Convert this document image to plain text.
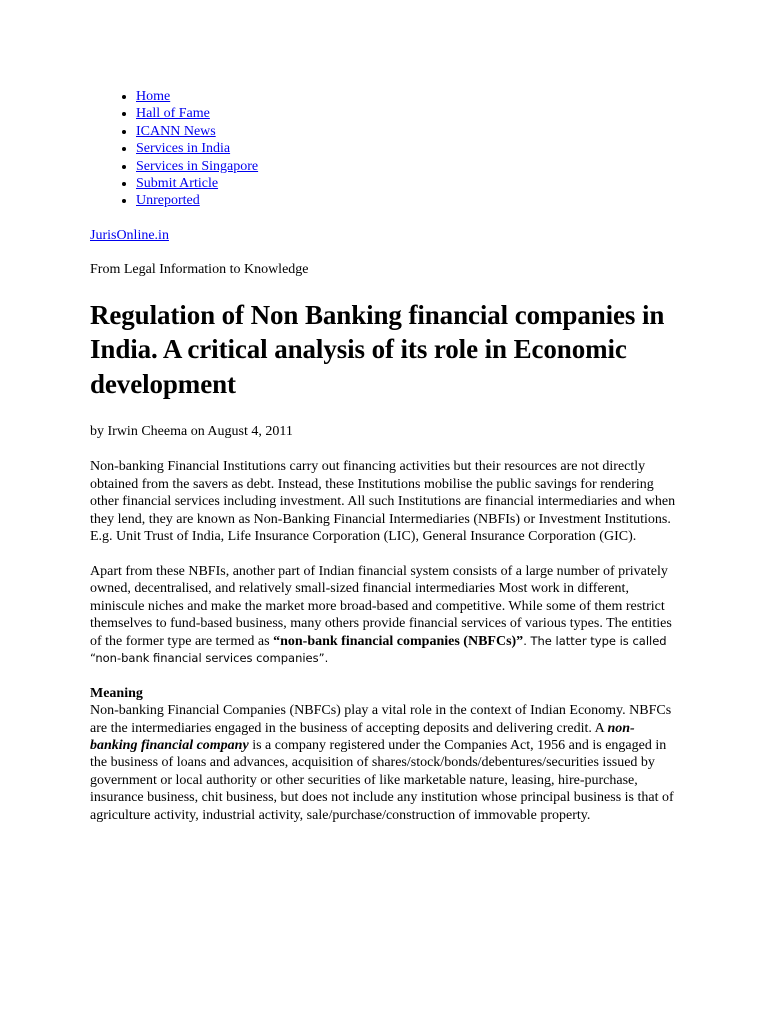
• Home
• Hall of Fame
• ICANN News
• Services in India
• Services in Singapore
• Submit Article
• Unreported
JurisOnline.in

From Legal Information to Knowledge

Regulation of Non Banking financial companies in India. A critical analysis of its role in Economic development

by Irwin Cheema on August 4, 2011

Non-banking Financial Institutions carry out financing activities but their resources are not directly obtained from the savers as debt. Instead, these Institutions mobilise the public savings for rendering other financial services including investment. All such Institutions are financial intermediaries and when they lend, they are known as Non-Banking Financial Intermediaries (NBFIs) or Investment Institutions. E.g. Unit Trust of India, Life Insurance Corporation (LIC), General Insurance Corporation (GIC).

Apart from these NBFIs, another part of Indian financial system consists of a large number of privately owned, decentralised, and relatively small-sized financial intermediaries Most work in different, miniscule niches and make the market more broad-based and competitive. While some of them restrict themselves to fund-based business, many others provide financial services of various types. The entities of the former type are termed as “non-bank financial companies (NBFCs)”. The latter type is called “non-bank financial services companies”.

Meaning

Non-banking Financial Companies (NBFCs) play a vital role in the context of Indian Economy. NBFCs are the intermediaries engaged in the business of accepting deposits and delivering credit. A non-banking financial company is a company registered under the Companies Act, 1956 and is engaged in the business of loans and advances, acquisition of shares/stock/bonds/debentures/securities issued by government or local authority or other securities of like marketable nature, leasing, hire-purchase, insurance business, chit business, but does not include any institution whose principal business is that of agriculture activity, industrial activity, sale/purchase/construction of immovable property.
